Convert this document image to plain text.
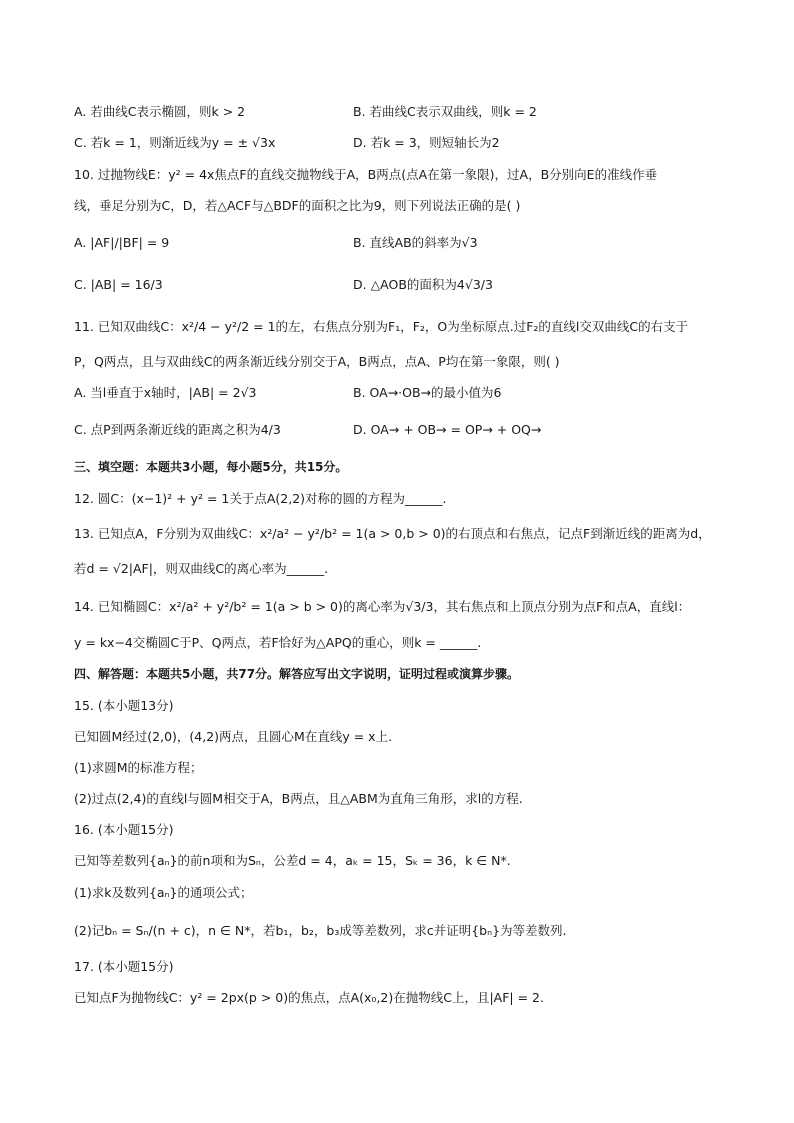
A. 若曲线C表示椭圆，则k > 2	B. 若曲线C表示双曲线，则k = 2
C. 若k = 1，则渐近线为y = ± √3x	D. 若k = 3，则短轴长为2
10. 过抛物线E：y² = 4x焦点F的直线交抛物线于A，B两点(点A在第一象限)，过A，B分别向E的准线作垂
线，垂足分别为C，D，若△ACF与△BDF的面积之比为9，则下列说法正确的是( )
A. |AF|/|BF| = 9	B. 直线AB的斜率为√3
C. |AB| = 16/3	D. △AOB的面积为4√3/3
11. 已知双曲线C：x²/4 − y²/2 = 1的左，右焦点分别为F₁，F₂，O为坐标原点.过F₂的直线l交双曲线C的右支于
P，Q两点，且与双曲线C的两条渐近线分别交于A，B两点，点A、P均在第一象限，则( )
A. 当l垂直于x轴时，|AB| = 2√3	B. OA→·OB→的最小值为6
C. 点P到两条渐近线的距离之积为4/3	D. OA→ + OB→ = OP→ + OQ→
三、填空题：本题共3小题，每小题5分，共15分。
12. 圆C：(x−1)² + y² = 1关于点A(2,2)对称的圆的方程为______.
13. 已知点A，F分别为双曲线C：x²/a² − y²/b² = 1(a > 0,b > 0)的右顶点和右焦点，记点F到渐近线的距离为d，
若d = √2|AF|，则双曲线C的离心率为______.
14. 已知椭圆C：x²/a² + y²/b² = 1(a > b > 0)的离心率为√3/3，其右焦点和上顶点分别为点F和点A，直线l：
y = kx−4交椭圆C于P、Q两点，若F恰好为△APQ的重心，则k = ______.
四、解答题：本题共5小题，共77分。解答应写出文字说明，证明过程或演算步骤。
15. (本小题13分)
已知圆M经过(2,0)，(4,2)两点，且圆心M在直线y = x上.
(1)求圆M的标准方程；
(2)过点(2,4)的直线l与圆M相交于A，B两点，且△ABM为直角三角形，求l的方程.
16. (本小题15分)
已知等差数列{aₙ}的前n项和为Sₙ，公差d = 4，aₖ = 15，Sₖ = 36，k ∈ N*.
(1)求k及数列{aₙ}的通项公式；
(2)记bₙ = Sₙ/(n + c)，n ∈ N*，若b₁，b₂，b₃成等差数列，求c并证明{bₙ}为等差数列.
17. (本小题15分)
已知点F为抛物线C：y² = 2px(p > 0)的焦点，点A(x₀,2)在抛物线C上，且|AF| = 2.
